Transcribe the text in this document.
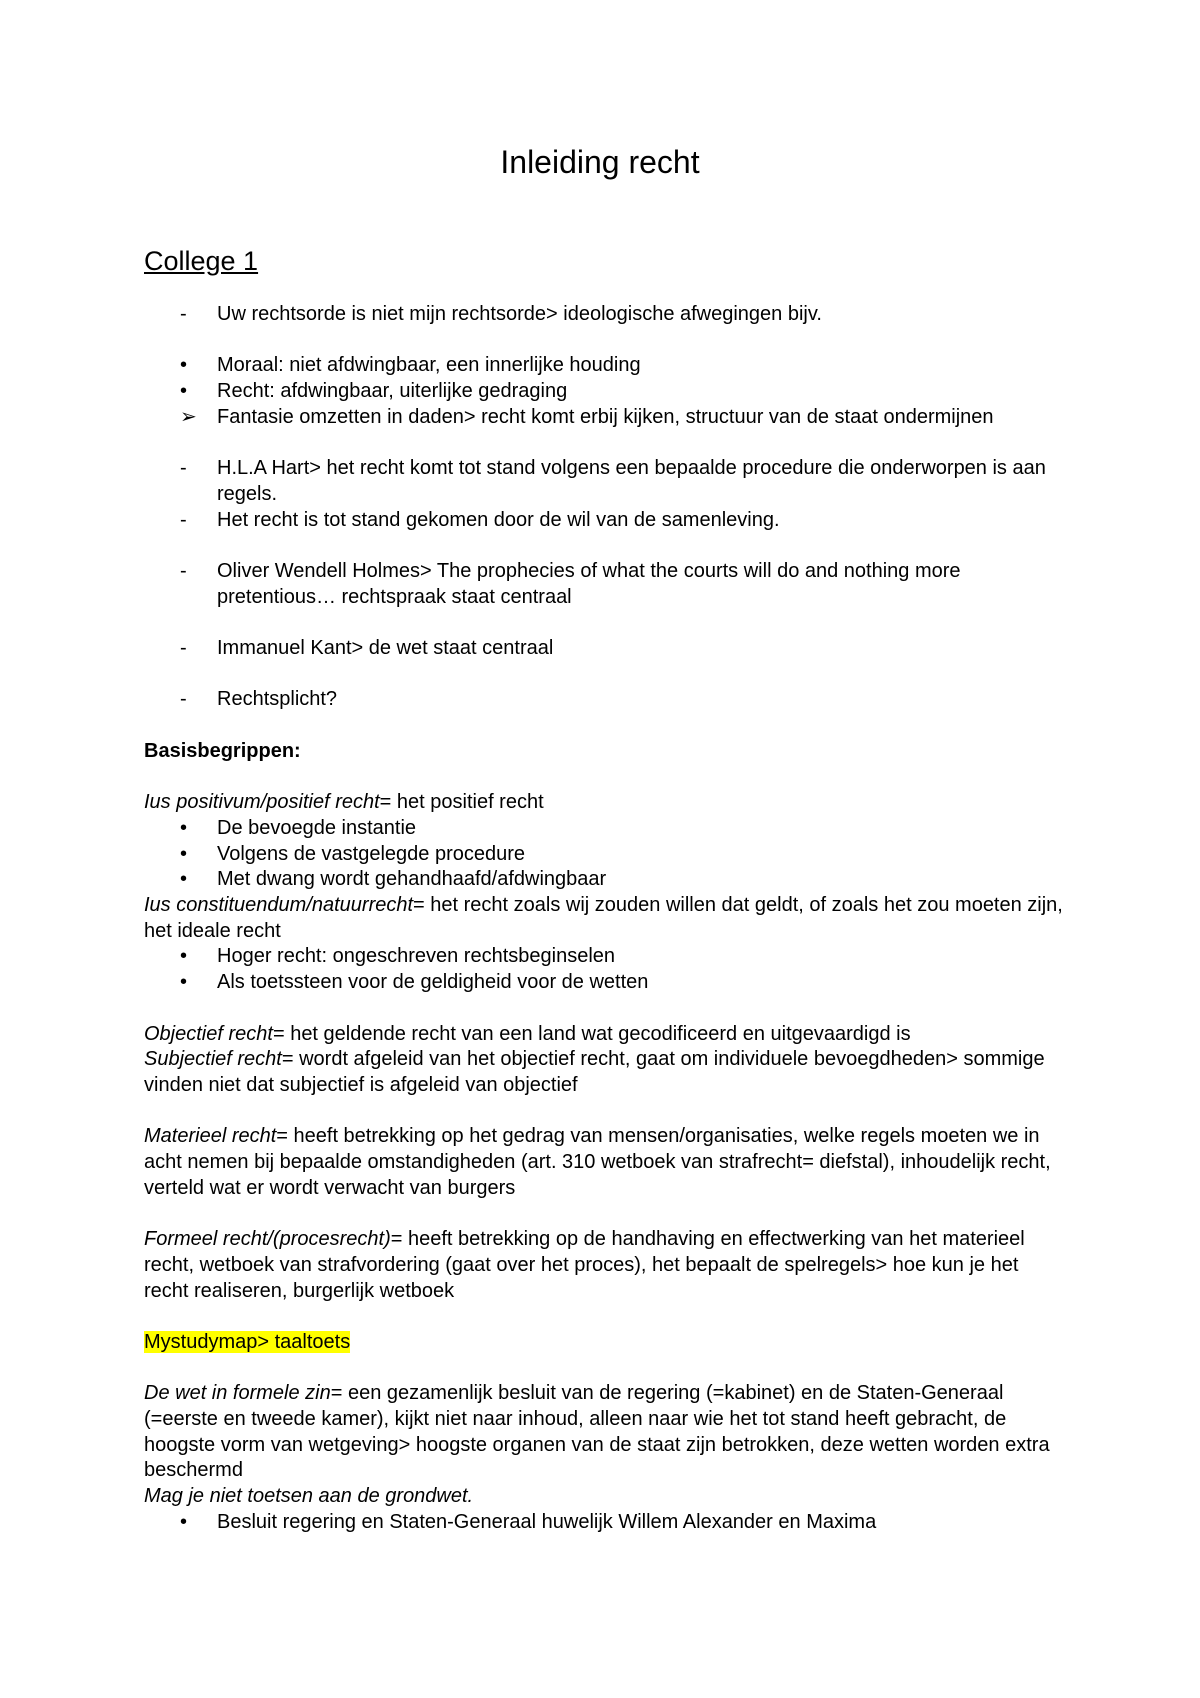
Inleiding recht
College 1
-	Uw rechtsorde is niet mijn rechtsorde> ideologische afwegingen bijv.
•	Moraal: niet afdwingbaar, een innerlijke houding
•	Recht: afdwingbaar, uiterlijke gedraging
➢	Fantasie omzetten in daden> recht komt erbij kijken, structuur van de staat ondermijnen
-	H.L.A Hart> het recht komt tot stand volgens een bepaalde procedure die onderworpen is aan regels.
-	Het recht is tot stand gekomen door de wil van de samenleving.
-	Oliver Wendell Holmes> The prophecies of what the courts will do and nothing more pretentious… rechtspraak staat centraal
-	Immanuel Kant> de wet staat centraal
-	Rechtsplicht?
Basisbegrippen:
Ius positivum/positief recht= het positief recht
•	De bevoegde instantie
•	Volgens de vastgelegde procedure
•	Met dwang wordt gehandhaafd/afdwingbaar
Ius constituendum/natuurrecht= het recht zoals wij zouden willen dat geldt, of zoals het zou moeten zijn, het ideale recht
•	Hoger recht: ongeschreven rechtsbeginselen
•	Als toetssteen voor de geldigheid voor de wetten
Objectief recht= het geldende recht van een land wat gecodificeerd en uitgevaardigd is
Subjectief recht= wordt afgeleid van het objectief recht, gaat om individuele bevoegdheden> sommige vinden niet dat subjectief is afgeleid van objectief
Materieel recht= heeft betrekking op het gedrag van mensen/organisaties, welke regels moeten we in acht nemen bij bepaalde omstandigheden (art. 310 wetboek van strafrecht= diefstal), inhoudelijk recht, verteld wat er wordt verwacht van burgers
Formeel recht/(procesrecht)= heeft betrekking op de handhaving en effectwerking van het materieel recht, wetboek van strafvordering (gaat over het proces), het bepaalt de spelregels> hoe kun je het recht realiseren, burgerlijk wetboek
Mystudymap> taaltoets
De wet in formele zin= een gezamenlijk besluit van de regering (=kabinet) en de Staten-Generaal (=eerste en tweede kamer), kijkt niet naar inhoud, alleen naar wie het tot stand heeft gebracht, de hoogste vorm van wetgeving> hoogste organen van de staat zijn betrokken, deze wetten worden extra beschermd
Mag je niet toetsen aan de grondwet.
•	Besluit regering en Staten-Generaal huwelijk Willem Alexander en Maxima
